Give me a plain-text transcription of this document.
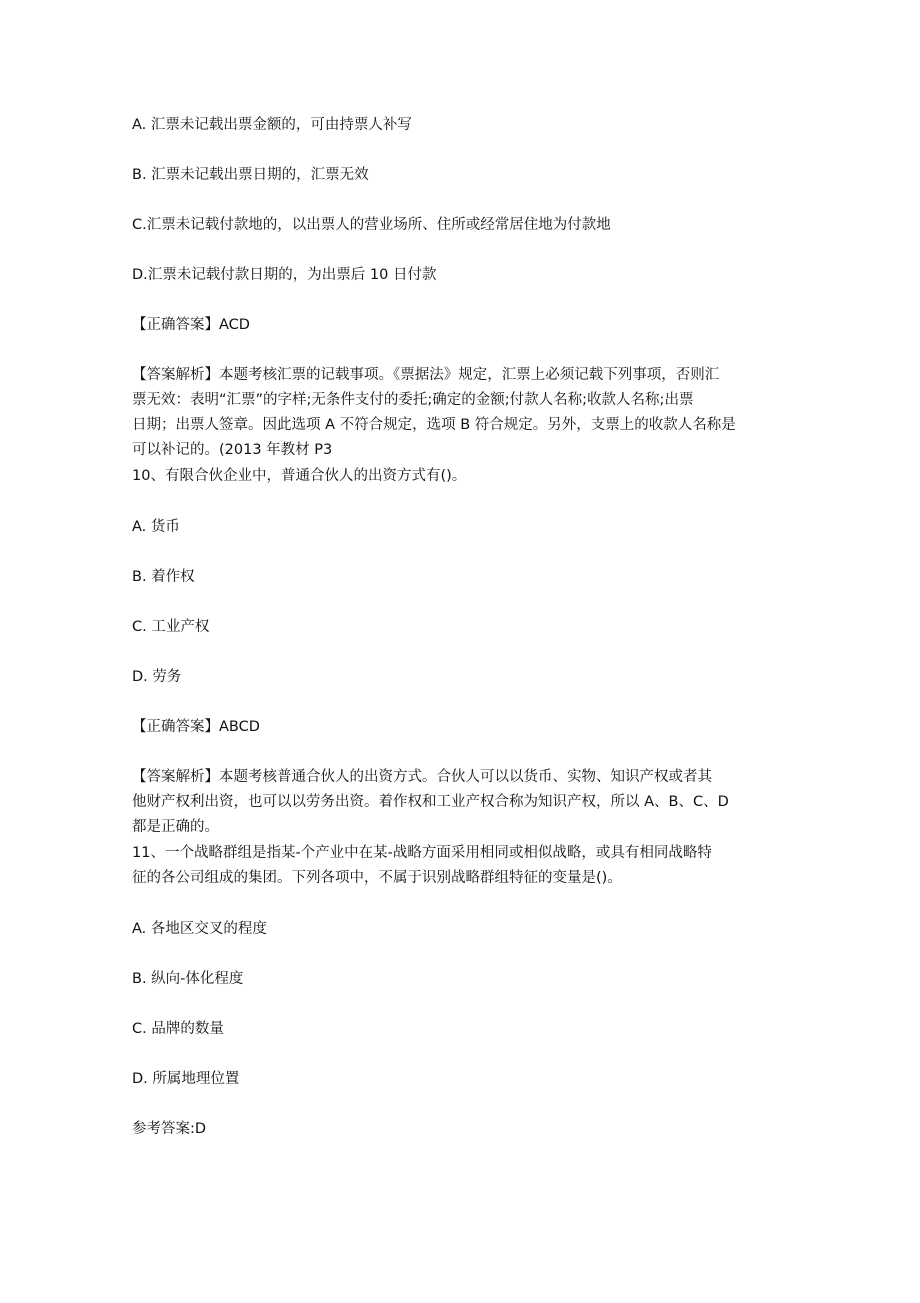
A. 汇票未记载出票金额的，可由持票人补写
B. 汇票未记载出票日期的，汇票无效
C.汇票未记载付款地的，以出票人的营业场所、住所或经常居住地为付款地
D.汇票未记载付款日期的，为出票后 10 日付款
【正确答案】ACD
【答案解析】本题考核汇票的记载事项。《票据法》规定，汇票上必须记载下列事项，否则汇
票无效：表明“汇票”的字样;无条件支付的委托;确定的金额;付款人名称;收款人名称;出票
日期；出票人签章。因此选项 A 不符合规定，选项 B 符合规定。另外，支票上的收款人名称是
可以补记的。(2013 年教材 P3
10、有限合伙企业中，普通合伙人的出资方式有()。
A. 货币
B. 着作权
C. 工业产权
D. 劳务
【正确答案】ABCD
【答案解析】本题考核普通合伙人的出资方式。合伙人可以以货币、实物、知识产权或者其
他财产权利出资，也可以以劳务出资。着作权和工业产权合称为知识产权，所以 A、B、C、D
都是正确的。
11、一个战略群组是指某-个产业中在某-战略方面采用相同或相似战略，或具有相同战略特
征的各公司组成的集团。下列各项中，不属于识别战略群组特征的变量是()。
A. 各地区交叉的程度
B. 纵向-体化程度
C. 品牌的数量
D. 所属地理位置
参考答案:D
